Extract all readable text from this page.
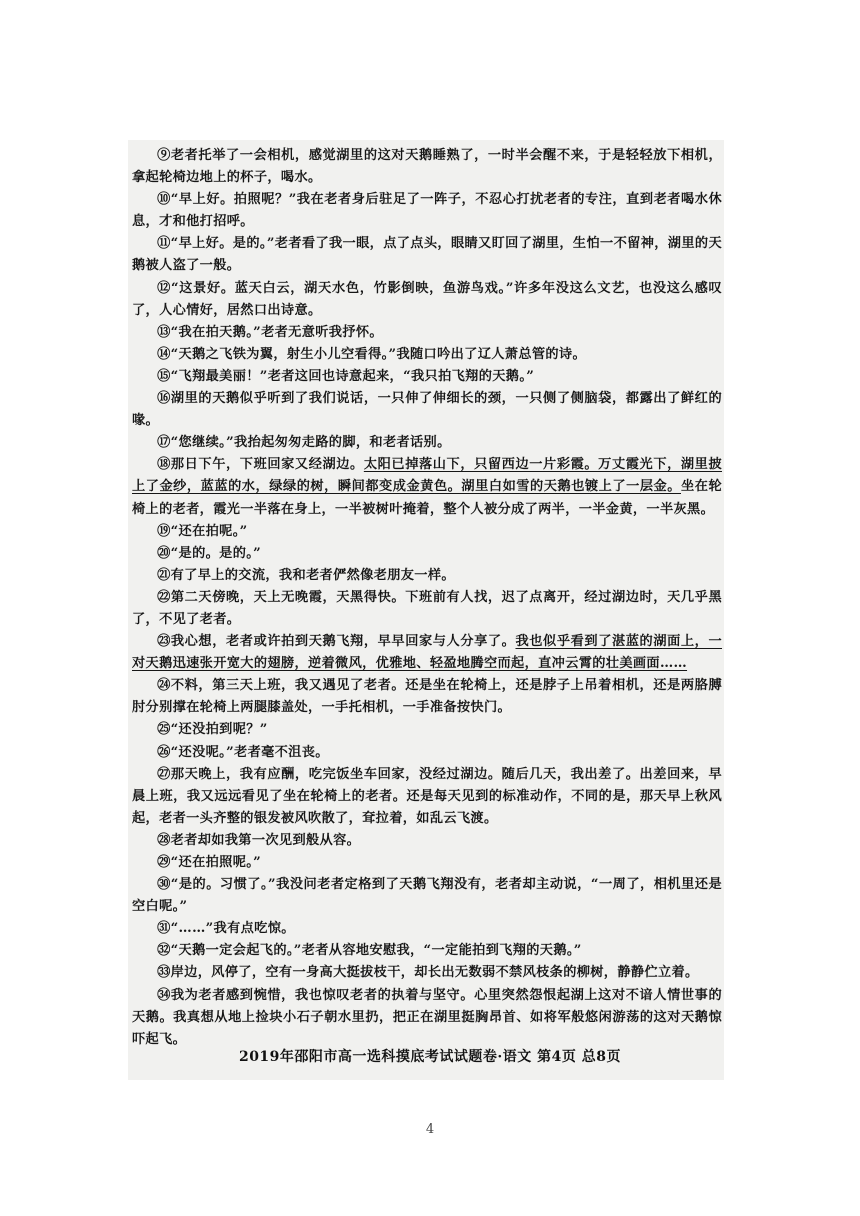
⑨老者托举了一会相机，感觉湖里的这对天鹅睡熟了，一时半会醒不来，于是轻轻放下相机，拿起轮椅边地上的杯子，喝水。

⑩“早上好。拍照呢？”我在老者身后驻足了一阵子，不忍心打扰老者的专注，直到老者喝水休息，才和他打招呼。

⑪“早上好。是的。”老者看了我一眼，点了点头，眼睛又盯回了湖里，生怕一不留神，湖里的天鹅被人盗了一般。

⑫“这景好。蓝天白云，湖天水色，竹影倒映，鱼游鸟戏。”许多年没这么文艺，也没这么感叹了，人心情好，居然口出诗意。

⑬“我在拍天鹅。”老者无意听我抒怀。

⑭“天鹅之飞铁为翼，射生小儿空看得。”我随口吟出了辽人萧总管的诗。

⑮“飞翔最美丽！”老者这回也诗意起来，“我只拍飞翔的天鹅。”

⑯湖里的天鹅似乎听到了我们说话，一只伸了伸细长的颈，一只侧了侧脑袋，都露出了鲜红的喙。

⑰“您继续。”我抬起匆匆走路的脚，和老者话别。

⑱那日下午，下班回家又经湖边。太阳已掉落山下，只留西边一片彩霞。万丈霞光下，湖里披上了金纱，蓝蓝的水，绿绿的树，瞬间都变成金黄色。湖里白如雪的天鹅也镀上了一层金。坐在轮椅上的老者，霞光一半落在身上，一半被树叶掩着，整个人被分成了两半，一半金黄，一半灰黑。

⑲“还在拍呢。”

⑳“是的。是的。”

㉑有了早上的交流，我和老者俨然像老朋友一样。

㉒第二天傍晚，天上无晚霞，天黑得快。下班前有人找，迟了点离开，经过湖边时，天几乎黑了，不见了老者。

㉓我心想，老者或许拍到天鹅飞翔，早早回家与人分享了。我也似乎看到了湛蓝的湖面上，一对天鹅迅速张开宽大的翅膀，逆着微风，优雅地、轻盈地腾空而起，直冲云霄的壮美画面……

㉔不料，第三天上班，我又遇见了老者。还是坐在轮椅上，还是脖子上吊着相机，还是两胳膊肘分别撑在轮椅上两腿膝盖处，一手托相机，一手准备按快门。

㉕“还没拍到呢？”

㉖“还没呢。”老者毫不沮丧。

㉗那天晚上，我有应酬，吃完饭坐车回家，没经过湖边。随后几天，我出差了。出差回来，早晨上班，我又远远看见了坐在轮椅上的老者。还是每天见到的标准动作，不同的是，那天早上秋风起，老者一头齐整的银发被风吹散了，耷拉着，如乱云飞渡。

㉘老者却如我第一次见到般从容。

㉙“还在拍照呢。”

㉚“是的。习惯了。”我没问老者定格到了天鹅飞翔没有，老者却主动说，“一周了，相机里还是空白呢。”

㉛“……”我有点吃惊。

㉜“天鹅一定会起飞的。”老者从容地安慰我，“一定能拍到飞翔的天鹅。”

㉝岸边，风停了，空有一身高大挺拔枝干，却长出无数弱不禁风枝条的柳树，静静伫立着。

㉞我为老者感到惋惜，我也惊叹老者的执着与坚守。心里突然怨恨起湖上这对不谙人情世事的天鹅。我真想从地上捡块小石子朝水里扔，把正在湖里挺胸昂首、如将军般悠闲游荡的这对天鹅惊吓起飞。

2019年邵阳市高一选科摸底考试试题卷·语文 第4页 总8页
4
